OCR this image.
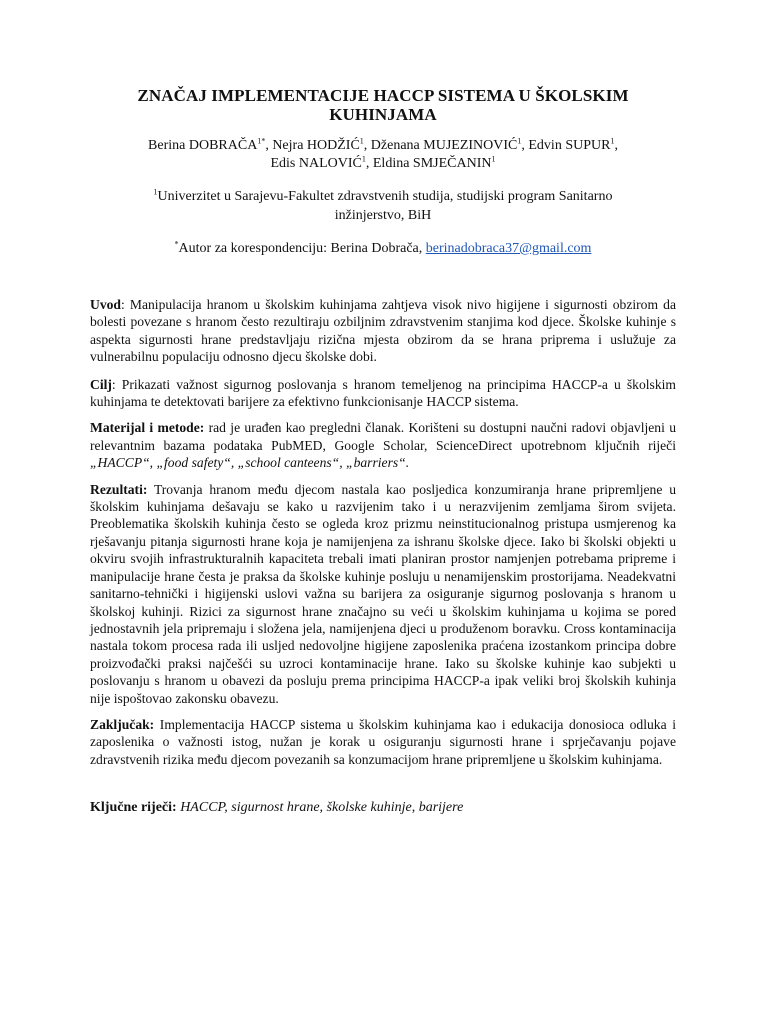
ZNAČAJ IMPLEMENTACIJE HACCP SISTEMA U ŠKOLSKIM KUHINJAMA
Berina $DOBRAČA^{1*}$, Nejra HODŽIĆ$^1$, Dženana MUJEZINOVIĆ$^1$, Edvin SUPUR$^1$, Edis NALOVIĆ$^1$, Eldina SMJEČANIN$^1$
$^1$Univerzitet u Sarajevu-Fakultet zdravstvenih studija, studijski program Sanitarno inžinjerstvo, BiH
*Autor za korespondenciju: Berina Dobrača, berinadobraca37@gmail.com

Uvod: Manipulacija hranom u školskim kuhinjama zahtjeva visok nivo higijene i sigurnosti obzirom da bolesti povezane s hranom često rezultiraju ozbiljnim zdravstvenim stanjima kod djece. Školske kuhinje s aspekta sigurnosti hrane predstavljaju rizična mjesta obzirom da se hrana priprema i uslužuje za vulnerabilnu populaciju odnosno djecu školske dobi.

Cilj: Prikazati važnost sigurnog poslovanja s hranom temeljenog na principima HACCP-a u školskim kuhinjama te detektovati barijere za efektivno funkcionisanje HACCP sistema.

Materijal i metode: rad je urađen kao pregledni članak. Korišteni su dostupni naučni radovi objavljeni u relevantnim bazama podataka PubMED, Google Scholar, ScienceDirect upotrebnom ključnih riječi „HACCP“, „food safety“, „school canteens“, „barriers“.

Rezultati: Trovanja hranom među djecom nastala kao posljedica konzumiranja hrane pripremljene u školskim kuhinjama dešavaju se kako u razvijenim tako i u nerazvijenim zemljama širom svijeta. Preoblematika školskih kuhinja često se ogleda kroz prizmu neinstitucionalnog pristupa usmjerenog ka rješavanju pitanja sigurnosti hrane koja je namijenjena za ishranu školske djece. Iako bi školski objekti u okviru svojih infrastrukturalnih kapaciteta trebali imati planiran prostor namjenjen potrebama pripreme i manipulacije hrane česta je praksa da školske kuhinje posluju u nenamijenskim prostorijama. Neadekvatni sanitarno-tehnički i higijenski uslovi važna su barijera za osiguranje sigurnog poslovanja s hranom u školskoj kuhinji. Rizici za sigurnost hrane značajno su veći u školskim kuhinjama u kojima se pored jednostavnih jela pripremaju i složena jela, namijenjena djeci u produženom boravku. Cross kontaminacija nastala tokom procesa rada ili usljed nedovoljne higijene zaposlenika praćena izostankom principa dobre proizvođački praksi najčešći su uzroci kontaminacije hrane. Iako su školske kuhinje kao subjekti u poslovanju s hranom u obavezi da posluju prema principima HACCP-a ipak veliki broj školskih kuhinja nije ispoštovao zakonsku obavezu.

Zaključak: Implementacija HACCP sistema u školskim kuhinjama kao i edukacija donosioca odluka i zaposlenika o važnosti istog, nužan je korak u osiguranju sigurnosti hrane i sprječavanju pojave zdravstvenih rizika među djecom povezanih sa konzumacijom hrane pripremljene u školskim kuhinjama.

Ključne riječi: HACCP, sigurnost hrane, školske kuhinje, barijere
